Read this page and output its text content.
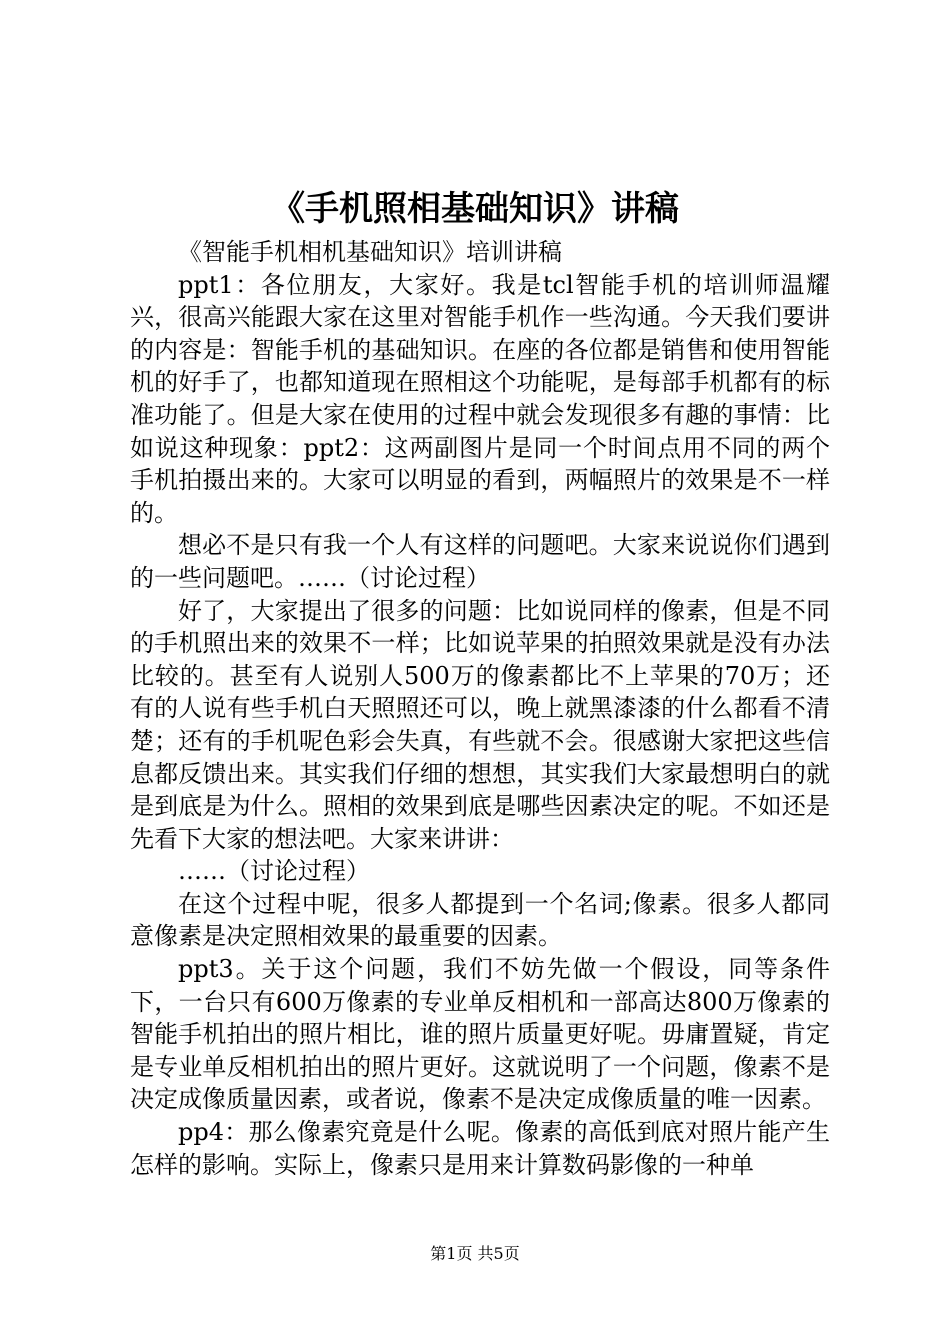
《手机照相基础知识》讲稿

《智能手机相机基础知识》培训讲稿

ppt1：各位朋友，大家好。我是tcl智能手机的培训师温耀兴，很高兴能跟大家在这里对智能手机作一些沟通。今天我们要讲的内容是：智能手机的基础知识。在座的各位都是销售和使用智能机的好手了，也都知道现在照相这个功能呢，是每部手机都有的标准功能了。但是大家在使用的过程中就会发现很多有趣的事情：比如说这种现象：ppt2：这两副图片是同一个时间点用不同的两个手机拍摄出来的。大家可以明显的看到，两幅照片的效果是不一样的。

想必不是只有我一个人有这样的问题吧。大家来说说你们遇到的一些问题吧。……（讨论过程）

好了，大家提出了很多的问题：比如说同样的像素，但是不同的手机照出来的效果不一样；比如说苹果的拍照效果就是没有办法比较的。甚至有人说别人500万的像素都比不上苹果的70万；还有的人说有些手机白天照照还可以，晚上就黑漆漆的什么都看不清楚；还有的手机呢色彩会失真，有些就不会。很感谢大家把这些信息都反馈出来。其实我们仔细的想想，其实我们大家最想明白的就是到底是为什么。照相的效果到底是哪些因素决定的呢。不如还是先看下大家的想法吧。大家来讲讲：

……（讨论过程）

在这个过程中呢，很多人都提到一个名词;像素。很多人都同意像素是决定照相效果的最重要的因素。

ppt3。关于这个问题，我们不妨先做一个假设，同等条件下，一台只有600万像素的专业单反相机和一部高达800万像素的智能手机拍出的照片相比，谁的照片质量更好呢。毋庸置疑，肯定是专业单反相机拍出的照片更好。这就说明了一个问题，像素不是决定成像质量因素，或者说，像素不是决定成像质量的唯一因素。

pp4：那么像素究竟是什么呢。像素的高低到底对照片能产生怎样的影响。实际上，像素只是用来计算数码影像的一种单

第1页 共5页
